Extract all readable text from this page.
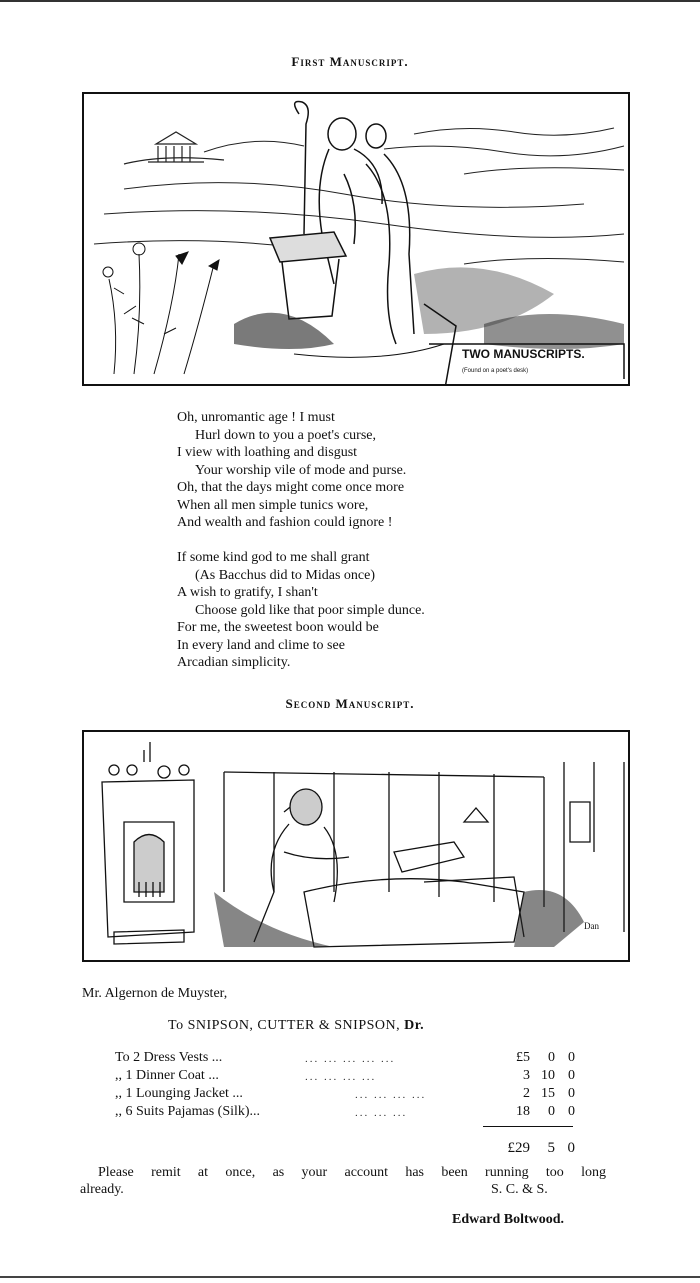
First Manuscript.
TWO MANUSCRIPTS.
(Found on a poet's desk)
Oh, unromantic age ! I must
Hurl down to you a poet's curse,
I view with loathing and disgust
Your worship vile of mode and purse.
Oh, that the days might come once more
When all men simple tunics wore,
And wealth and fashion could ignore !
If some kind god to me shall grant
(As Bacchus did to Midas once)
A wish to gratify, I shan't
Choose gold like that poor simple dunce.
For me, the sweetest boon would be
In every land and clime to see
Arcadian simplicity.
Second Manuscript.
Dan
Mr. Algernon de Muyster,
To SNIPSON, CUTTER & SNIPSON, Dr.
To 2 Dress Vests ...	... ... ... ... ...	£5	0 0
,, 1 Dinner Coat ...	... ... ... ...	3 10 0
,, 1 Lounging Jacket ...	... ... ... ...	2 15 0
,, 6 Suits Pajamas (Silk)...	... ... ...	18	0 0
£29	5 0
Please remit at once, as your account has been running too long
already.	S. C. & S.
Edward Boltwood.
